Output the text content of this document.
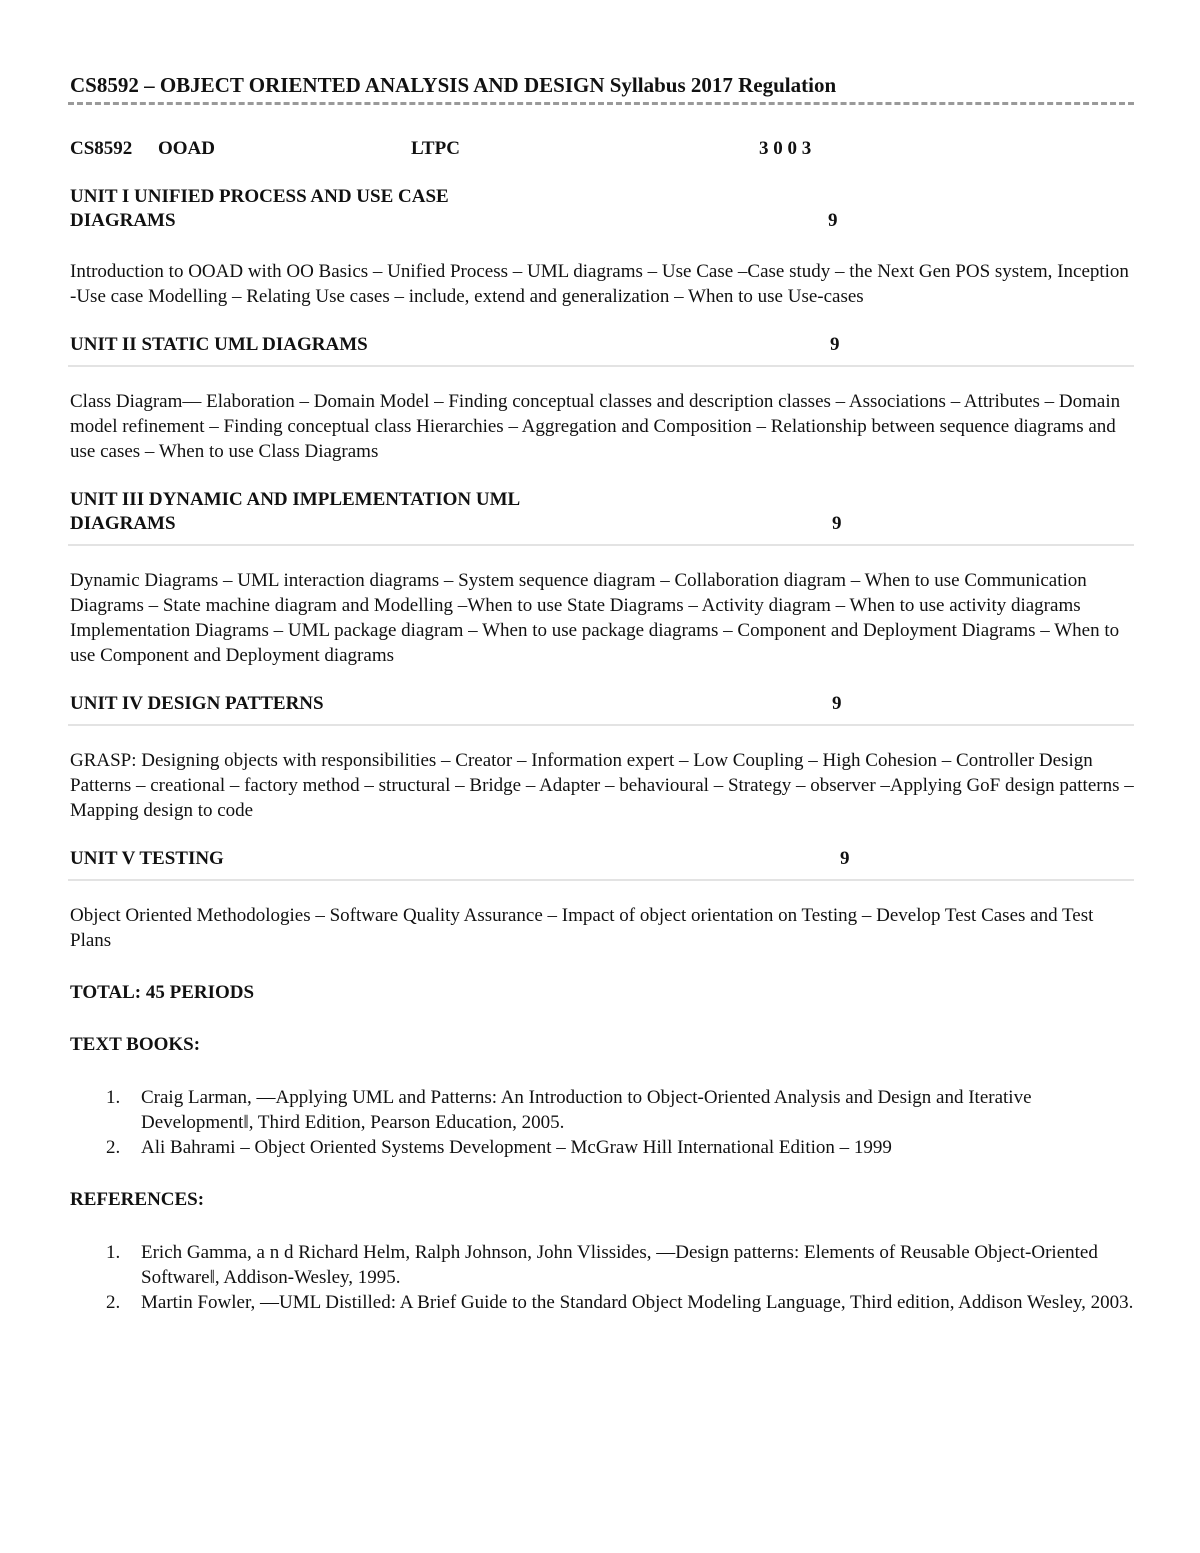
CS8592 – OBJECT ORIENTED ANALYSIS AND DESIGN Syllabus 2017 Regulation
CS8592 OOAD	LTPC	3 0 0 3
UNIT I UNIFIED PROCESS AND USE CASE DIAGRAMS	9

Introduction to OOAD with OO Basics – Unified Process – UML diagrams – Use Case –Case study – the Next Gen POS system, Inception -Use case Modelling – Relating Use cases – include, extend and generalization – When to use Use-cases

UNIT II STATIC UML DIAGRAMS	9

Class Diagram–– Elaboration – Domain Model – Finding conceptual classes and description classes – Associations – Attributes – Domain model refinement – Finding conceptual class Hierarchies – Aggregation and Composition – Relationship between sequence diagrams and use cases – When to use Class Diagrams

UNIT III DYNAMIC AND IMPLEMENTATION UML DIAGRAMS	9

Dynamic Diagrams – UML interaction diagrams – System sequence diagram – Collaboration diagram – When to use Communication Diagrams – State machine diagram and Modelling –When to use State Diagrams – Activity diagram – When to use activity diagrams Implementation Diagrams – UML package diagram – When to use package diagrams – Component and Deployment Diagrams – When to use Component and Deployment diagrams

UNIT IV DESIGN PATTERNS	9

GRASP: Designing objects with responsibilities – Creator – Information expert – Low Coupling – High Cohesion – Controller Design Patterns – creational – factory method – structural – Bridge – Adapter – behavioural – Strategy – observer –Applying GoF design patterns – Mapping design to code

UNIT V TESTING	9

Object Oriented Methodologies – Software Quality Assurance – Impact of object orientation on Testing – Develop Test Cases and Test Plans

TOTAL: 45 PERIODS
TEXT BOOKS:
1. Craig Larman, ―Applying UML and Patterns: An Introduction to Object-Oriented Analysis and Design and Iterative Development‖, Third Edition, Pearson Education, 2005.
2. Ali Bahrami – Object Oriented Systems Development – McGraw Hill International Edition – 1999
REFERENCES:
1. Erich Gamma, a n d Richard Helm, Ralph Johnson, John Vlissides, ―Design patterns: Elements of Reusable Object-Oriented Software‖, Addison-Wesley, 1995.
2. Martin Fowler, ―UML Distilled: A Brief Guide to the Standard Object Modeling Language, Third edition, Addison Wesley, 2003.
